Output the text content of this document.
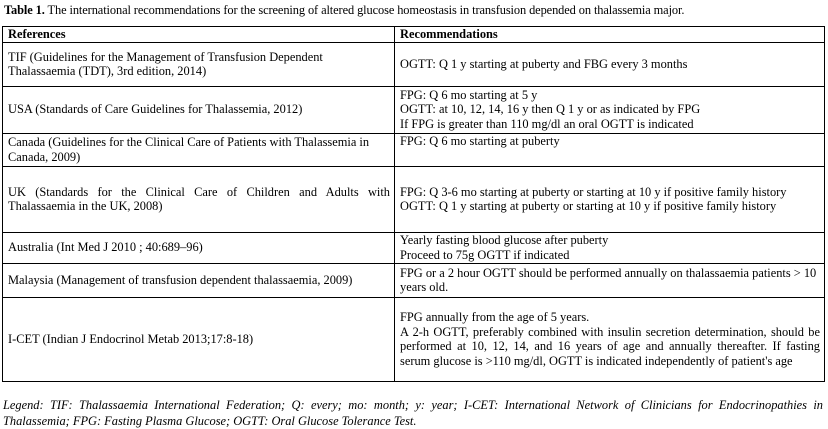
Table 1. The international recommendations for the screening of altered glucose homeostasis in transfusion depended on thalassemia major.
References	Recommendations
TIF (Guidelines for the Management of Transfusion Dependent Thalassaemia (TDT), 3rd edition, 2014)	OGTT: Q 1 y starting at puberty and FBG every 3 months

USA (Standards of Care Guidelines for Thalassemia, 2012)	FPG: Q 6 mo starting at 5 y
OGTT: at 10, 12, 14, 16 y then Q 1 y or as indicated by FPG
If FPG is greater than 110 mg/dl an oral OGTT is indicated

Canada (Guidelines for the Clinical Care of Patients with Thalassemia in Canada, 2009)	FPG: Q 6 mo starting at puberty

UK (Standards for the Clinical Care of Children and Adults with Thalassaemia in the UK, 2008)	FPG: Q 3-6 mo starting at puberty or starting at 10 y if positive family history
OGTT: Q 1 y starting at puberty or starting at 10 y if positive family history

Australia (Int Med J 2010 ; 40:689–96)	Yearly fasting blood glucose after puberty
Proceed to 75g OGTT if indicated

Malaysia (Management of transfusion dependent thalassaemia, 2009)	FPG or a 2 hour OGTT should be performed annually on thalassaemia patients > 10 years old.

I-CET (Indian J Endocrinol Metab 2013;17:8-18)	FPG annually from the age of 5 years.
A 2-h OGTT, preferably combined with insulin secretion determination, should be performed at 10, 12, 14, and 16 years of age and annually thereafter. If fasting serum glucose is >110 mg/dl, OGTT is indicated independently of patient's age
Legend: TIF: Thalassaemia International Federation; Q: every; mo: month; y: year; I-CET: International Network of Clinicians for Endocrinopathies in Thalassemia; FPG: Fasting Plasma Glucose; OGTT: Oral Glucose Tolerance Test.
